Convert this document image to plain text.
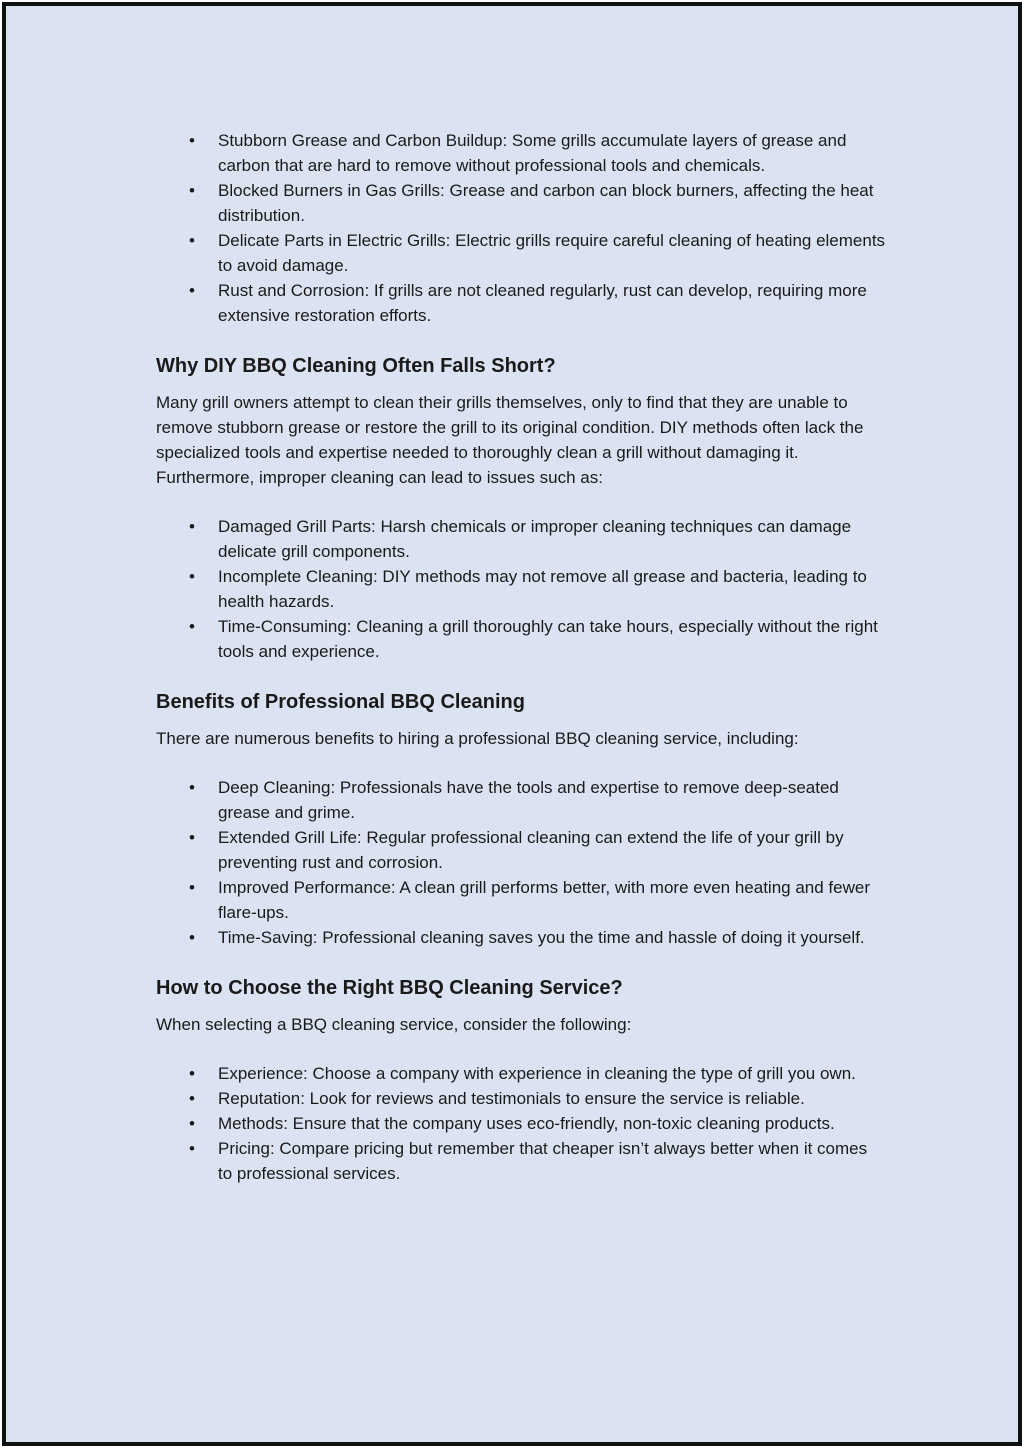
• Stubborn Grease and Carbon Buildup: Some grills accumulate layers of grease and carbon that are hard to remove without professional tools and chemicals.
• Blocked Burners in Gas Grills: Grease and carbon can block burners, affecting the heat distribution.
• Delicate Parts in Electric Grills: Electric grills require careful cleaning of heating elements to avoid damage.
• Rust and Corrosion: If grills are not cleaned regularly, rust can develop, requiring more extensive restoration efforts.
Why DIY BBQ Cleaning Often Falls Short?

Many grill owners attempt to clean their grills themselves, only to find that they are unable to remove stubborn grease or restore the grill to its original condition. DIY methods often lack the specialized tools and expertise needed to thoroughly clean a grill without damaging it. Furthermore, improper cleaning can lead to issues such as:

• Damaged Grill Parts: Harsh chemicals or improper cleaning techniques can damage delicate grill components.
• Incomplete Cleaning: DIY methods may not remove all grease and bacteria, leading to health hazards.
• Time-Consuming: Cleaning a grill thoroughly can take hours, especially without the right tools and experience.
Benefits of Professional BBQ Cleaning

There are numerous benefits to hiring a professional BBQ cleaning service, including:

• Deep Cleaning: Professionals have the tools and expertise to remove deep-seated grease and grime.
• Extended Grill Life: Regular professional cleaning can extend the life of your grill by preventing rust and corrosion.
• Improved Performance: A clean grill performs better, with more even heating and fewer flare-ups.
• Time-Saving: Professional cleaning saves you the time and hassle of doing it yourself.
How to Choose the Right BBQ Cleaning Service?

When selecting a BBQ cleaning service, consider the following:

• Experience: Choose a company with experience in cleaning the type of grill you own.
• Reputation: Look for reviews and testimonials to ensure the service is reliable.
• Methods: Ensure that the company uses eco-friendly, non-toxic cleaning products.
• Pricing: Compare pricing but remember that cheaper isn’t always better when it comes to professional services.
